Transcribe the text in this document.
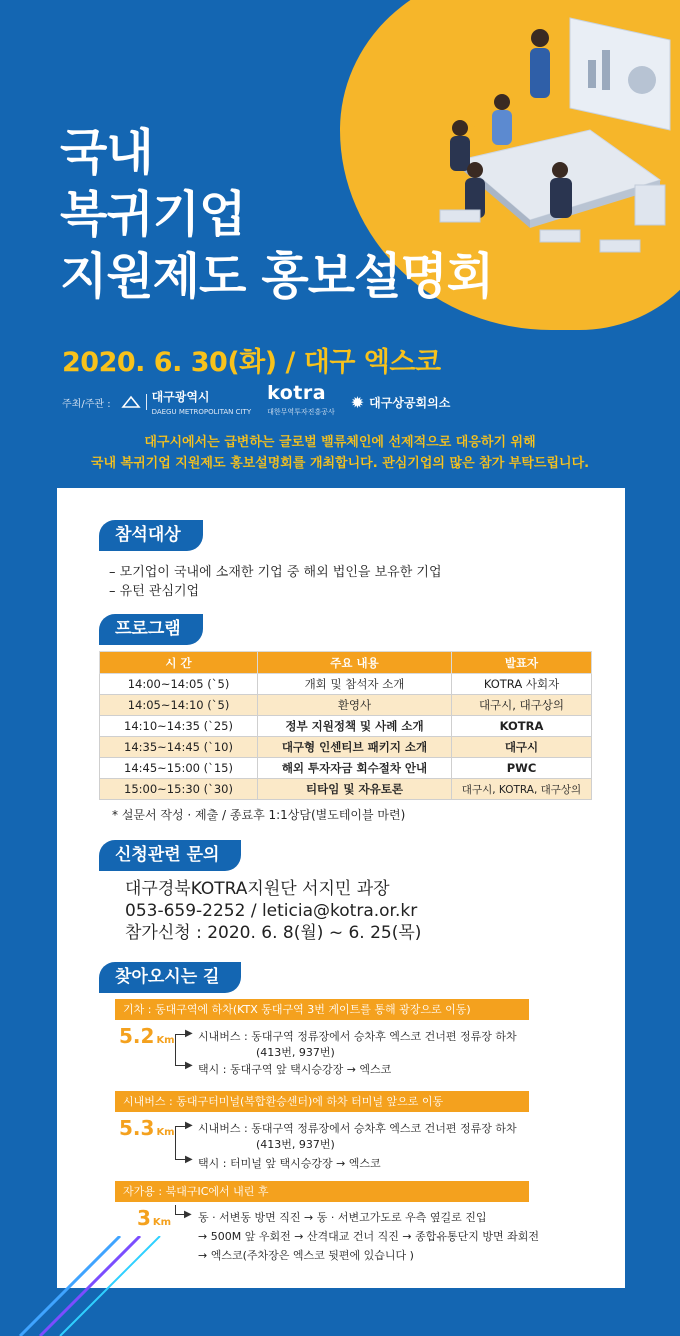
국내
복귀기업
지원제도 홍보설명회
2020. 6. 30(화) / 대구 엑스코
주최/주관 :	대구광역시
DAEGU METROPOLITAN CITY
kotra
대한무역투자진흥공사 ✹ 대구상공회의소
대구시에서는 급변하는 글로벌 밸류체인에 선제적으로 대응하기 위해
국내 복귀기업 지원제도 홍보설명회를 개최합니다. 관심기업의 많은 참가 부탁드립니다.
참석대상
– 모기업이 국내에 소재한 기업 중 해외 법인을 보유한 기업
– 유턴 관심기업
프로그램
시 간	주요 내용	발표자
14:00~14:05 (`5)	개회 및 참석자 소개	KOTRA 사회자
14:05~14:10 (`5)	환영사	대구시, 대구상의
14:10~14:35 (`25)	정부 지원정책 및 사례 소개	KOTRA
14:35~14:45 (`10)	대구형 인센티브 패키지 소개	대구시
14:45~15:00 (`15)	해외 투자자금 회수절차 안내	PWC
15:00~15:30 (`30)	티타임 및 자유토론	대구시, KOTRA, 대구상의
* 설문서 작성 · 제출 / 종료후 1:1상담(별도테이블 마련)
신청관련 문의
대구경북KOTRA지원단 서지민 과장
053-659-2252 / leticia@kotra.or.kr
참가신청 : 2020. 6. 8(월) ~ 6. 25(목)
찾아오시는 길
기차 : 동대구역에 하차(KTX 동대구역 3번 게이트를 통해 광장으로 이동)
5.2 Km
▶
▶
시내버스 : 동대구역 정류장에서 승차후 엑스코 건너편 정류장 하차
(413번, 937번)
택시 : 동대구역 앞 택시승강장 → 엑스코
시내버스 : 동대구터미널(복합환승센터)에 하차 터미널 앞으로 이동
5.3 Km
▶
▶
시내버스 : 동대구역 정류장에서 승차후 엑스코 건너편 정류장 하차
(413번, 937번)
택시 : 터미널 앞 택시승강장 → 엑스코
자가용 : 북대구IC에서 내린 후
3 Km
▶ 동 · 서변동 방면 직진 → 동 · 서변고가도로 우측 옆길로 진입
→ 500M 앞 우회전 → 산격대교 건너 직진 → 종합유통단지 방면 좌회전
→ 엑스코(주차장은 엑스코 뒷편에 있습니다 )
